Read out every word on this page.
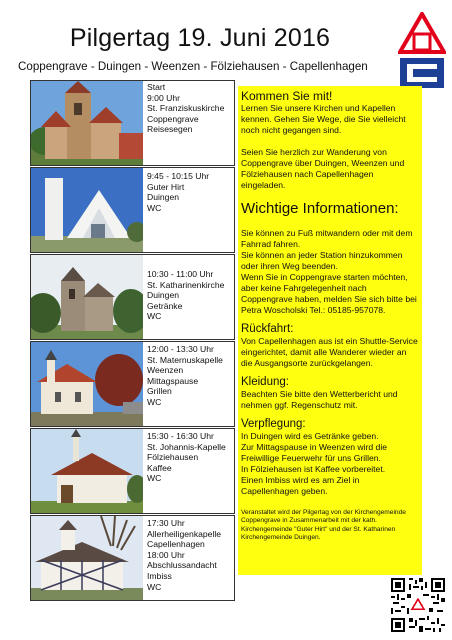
Pilgertag 19. Juni 2016
Coppengrave - Duingen - Weenzen - Fölziehausen - Capellenhagen
Start
9:00 Uhr
St. Franziskuskirche
Coppengrave
Reisesegen
9:45 - 10:15 Uhr
Guter Hirt
Duingen
WC
10:30 - 11:00 Uhr
St. Katharinenkirche
Duingen
Getränke
WC
12:00 - 13:30 Uhr
St. Maternuskapelle
Weenzen
Mittagspause
Grillen
WC
15:30 - 16:30 Uhr
St. Johannis-Kapelle
Fölziehausen
Kaffee
WC
17:30 Uhr
Allerheiligenkapelle
Capellenhagen
18:00 Uhr
Abschlussandacht
Imbiss
WC
Kommen Sie mit!

Lernen Sie unsere Kirchen und Kapellen kennen. Gehen Sie Wege, die Sie vielleicht noch nicht gegangen sind.

Seien Sie herzlich zur Wanderung von Coppengrave über Duingen, Weenzen und Fölziehausen nach Capellenhagen eingeladen.

Wichtige Informationen:

Sie können zu Fuß mitwandern oder mit dem Fahrrad fahren.

Sie können an jeder Station hinzukommen oder ihren Weg beenden.

Wenn Sie in Coppengrave starten möchten, aber keine Fahrgelegenheit nach Coppengrave haben, melden Sie sich bitte bei Petra Woscholski Tel.: 05185-957078.

Rückfahrt:

Von Capellenhagen aus ist ein Shuttle-Service eingerichtet, damit alle Wanderer wieder an die Ausgangsorte zurückgelangen.

Kleidung:

Beachten Sie bitte den Wetterbericht und nehmen ggf. Regenschutz mit.

Verpflegung:

In Duingen wird es Getränke geben.

Zur Mittagspause in Weenzen wird die Freiwillige Feuerwehr für uns Grillen.

In Fölziehausen ist Kaffee vorbereitet.

Einen Imbiss wird es am Ziel in Capellenhagen geben.

Veranstaltet wird der Pilgertag von der Kirchengemeinde Coppengrave in Zusammenarbeit mit der kath. Kirchengemeinde "Guter Hirt" und der St. Katharinen Kirchengemeinde Duingen.
